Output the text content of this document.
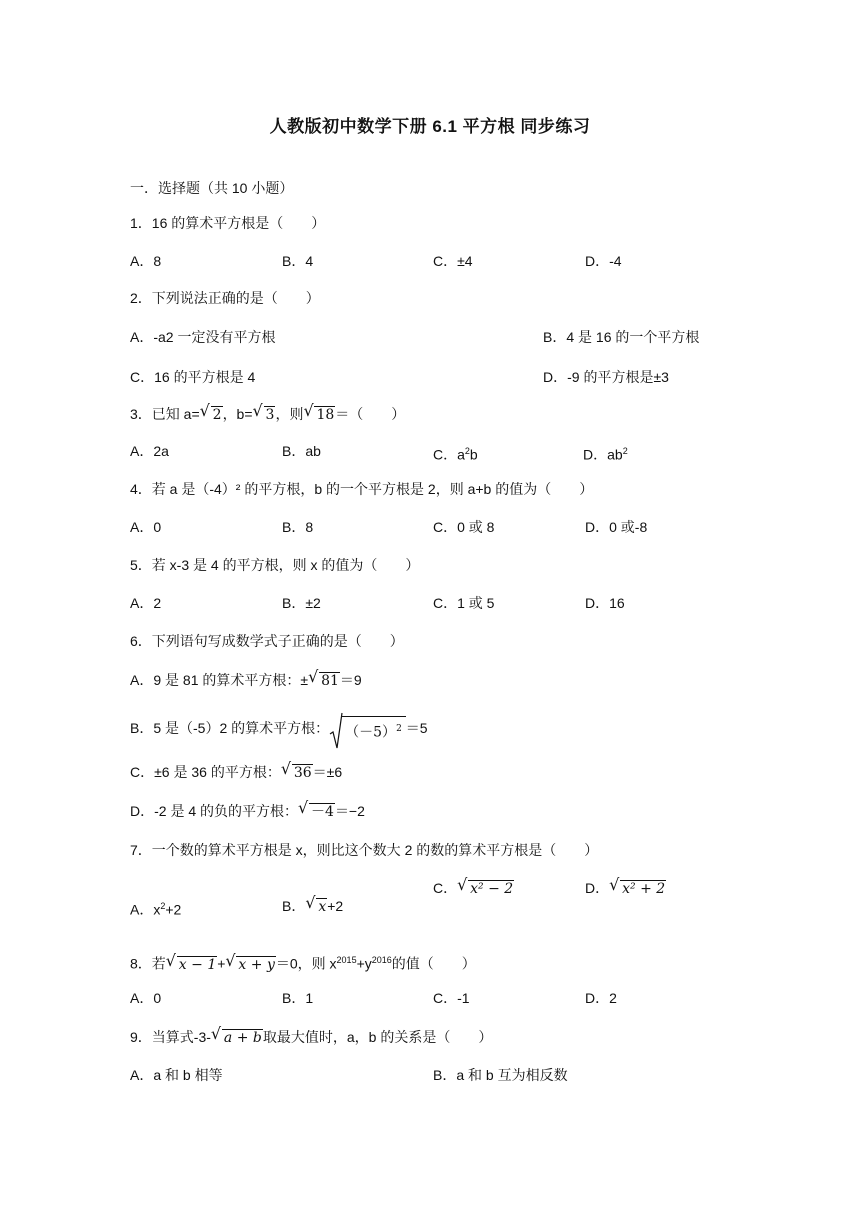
人教版初中数学下册 6.1 平方根 同步练习
一．选择题（共 10 小题）
1．16 的算术平方根是（　　）
A．8	B．4	C．±4	D．-4
2．下列说法正确的是（　　）
A．-a2 一定没有平方根	B．4 是 16 的一个平方根
C．16 的平方根是 4	D．-9 的平方根是±3
3．已知 a= √ 2，b= √ 3，则 √ 18＝（　　）
A．2a	B．ab	C．$a^2b$	D．$ab^2$
4．若 a 是（-4）² 的平方根，b 的一个平方根是 2，则 a+b 的值为（　　）
A．0	B．8	C．0 或 8	D．0 或-8
5．若 x-3 是 4 的平方根，则 x 的值为（　　）
A．2	B．±2	C．1 或 5	D．16
6．下列语句写成数学式子正确的是（　　）
A．9 是 81 的算术平方根：± √ 81＝9
B．5 是（-5）2 的算术平方根： $(-5)^2 =5$
C．±6 是 36 的平方根： √ 36＝±6
D．-2 是 4 的负的平方根： √ －4＝−2
7．一个数的算术平方根是 x，则比这个数大 2 的数的算术平方根是（　　）
A．$x^2+2$	B． √ x+2
C． √ x² − 2	D． √ x² + 2
8．若 √ x − 1+ √ x + y＝0，则 $x^{2015}+y^{2016}$的值（　　）
A．0	B．1	C．-1	D．2
9．当算式-3- √ a + b取最大值时，a，b 的关系是（　　）
A．a 和 b 相等	B．a 和 b 互为相反数
